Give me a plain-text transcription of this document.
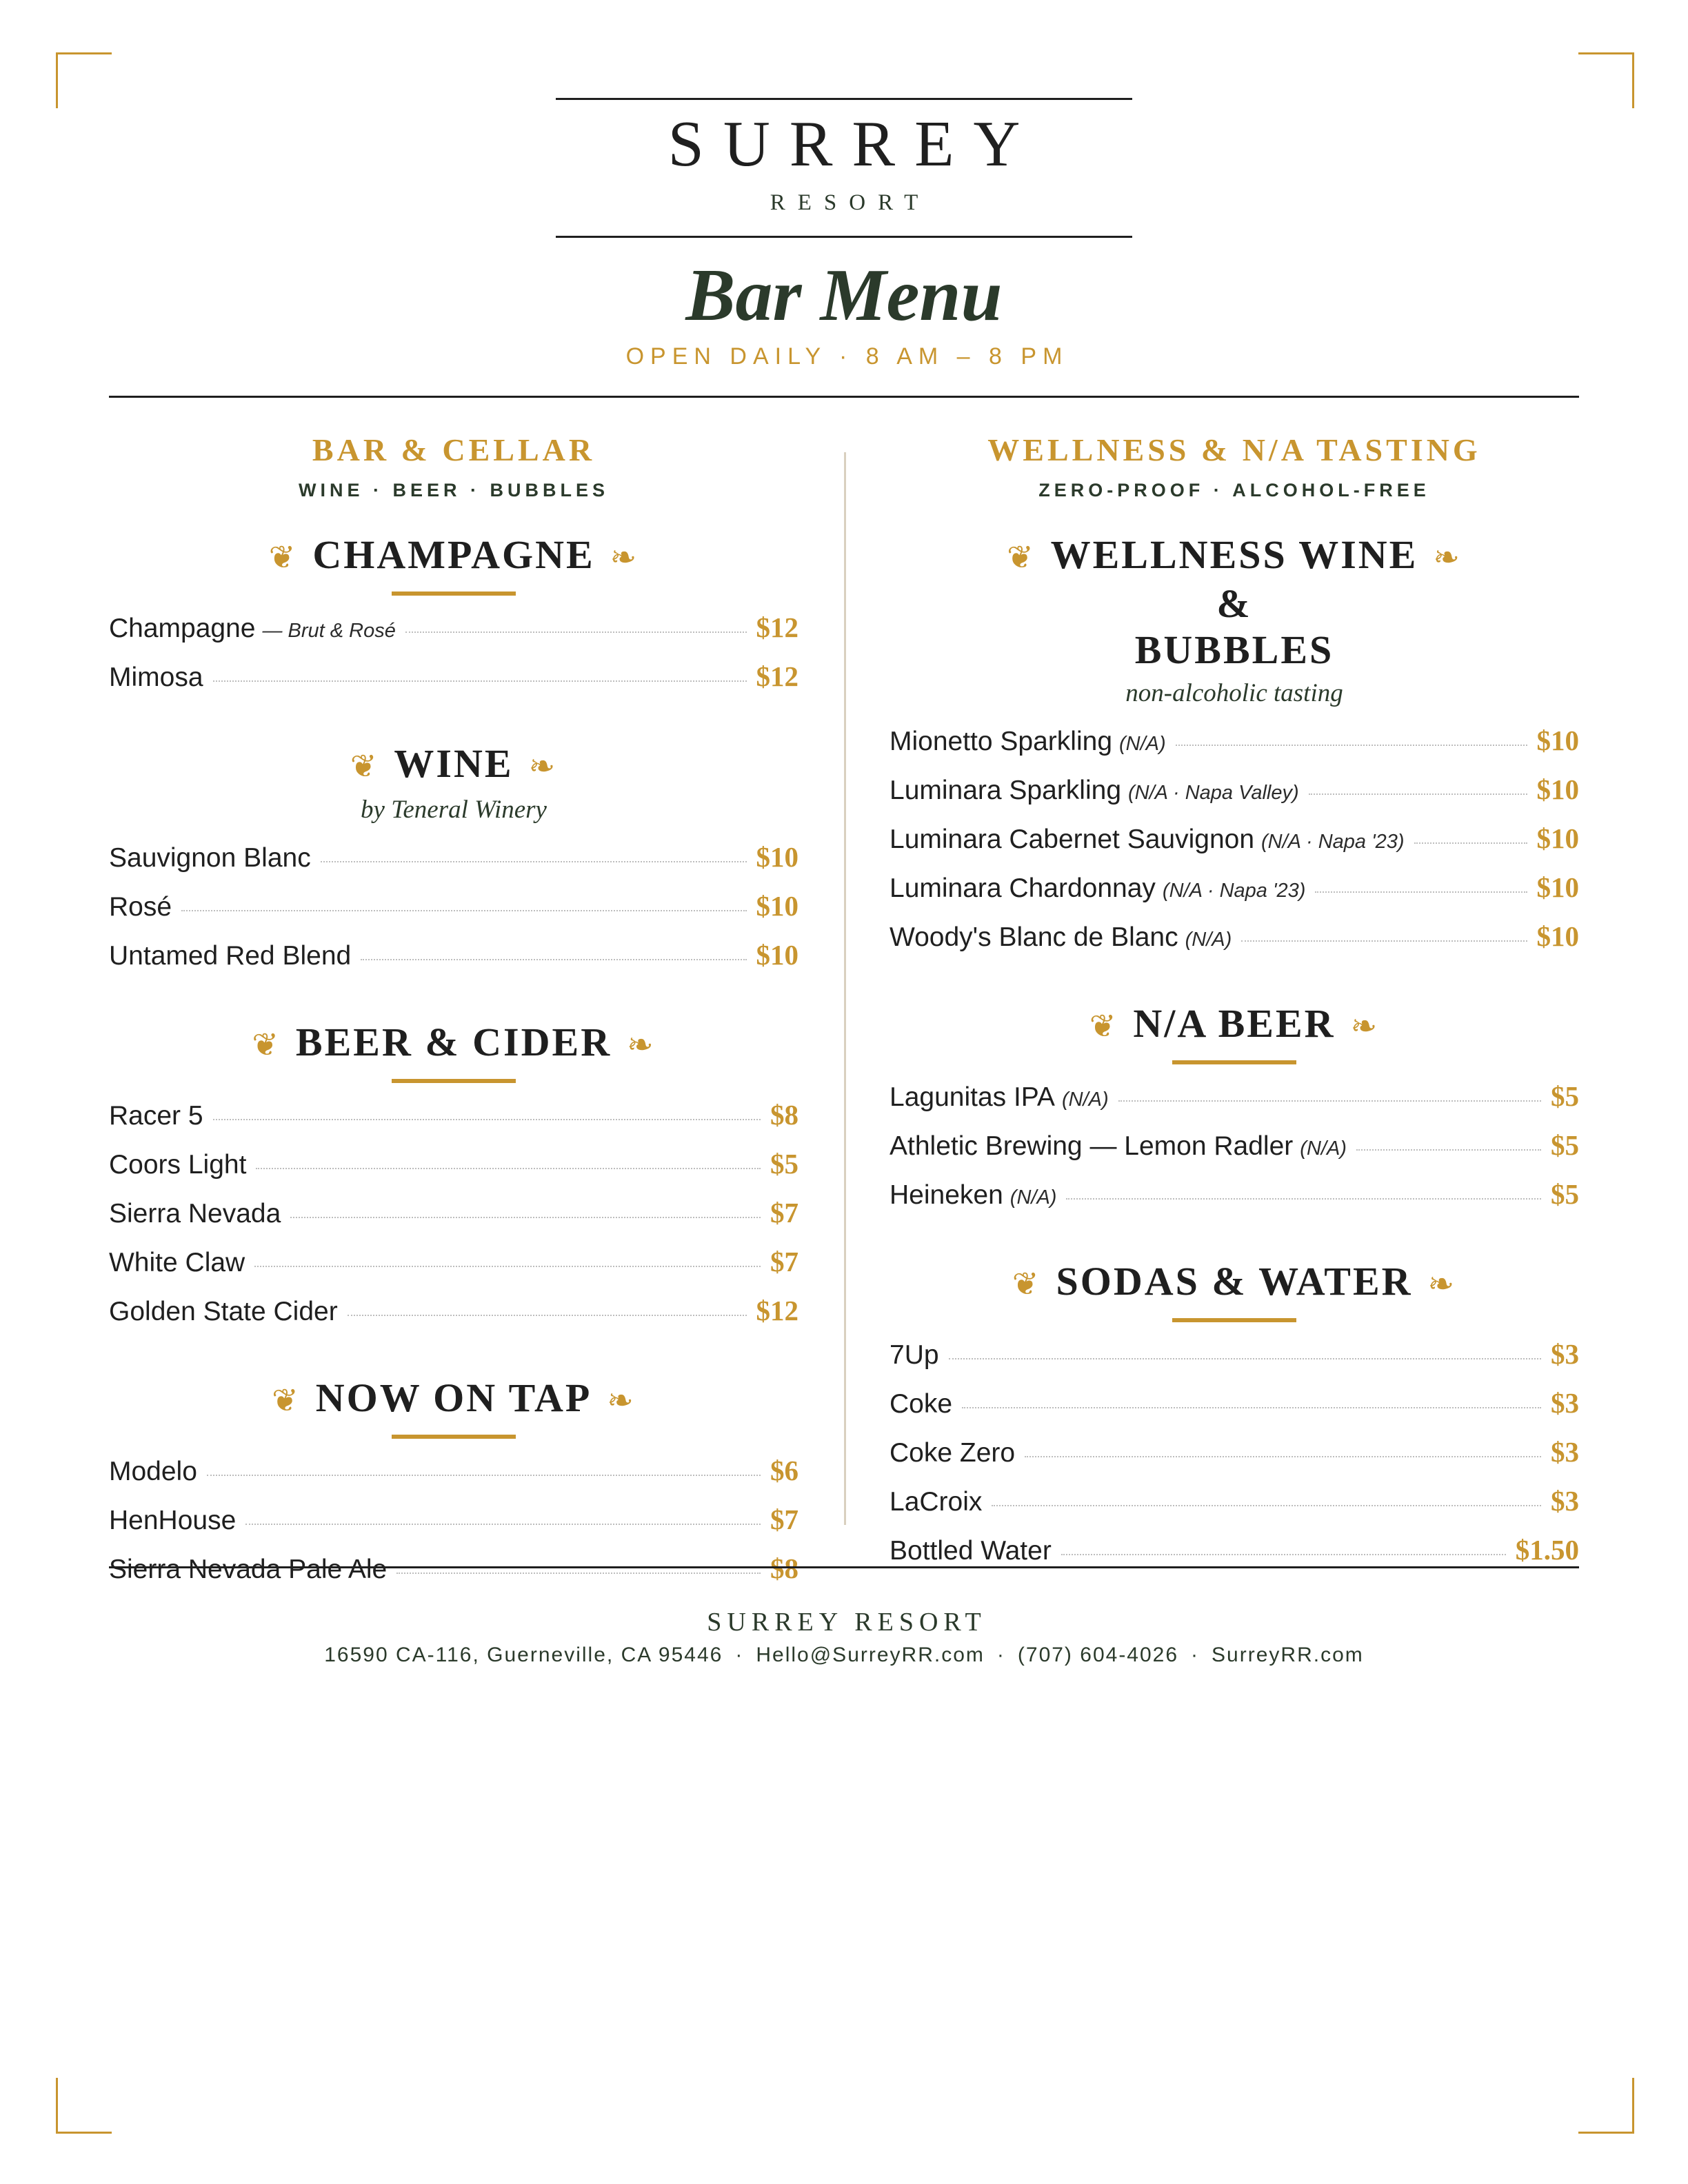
SURREY
RESORT
Bar Menu
OPEN DAILY · 8 AM – 8 PM
BAR & CELLAR
WINE · BEER · BUBBLES
❦ CHAMPAGNE ❧
Champagne — Brut & Rosé	$12
Mimosa	$12
❦ WINE ❧
by Teneral Winery
Sauvignon Blanc	$10
Rosé	$10
Untamed Red Blend	$10
❦ BEER & CIDER ❧
Racer 5	$8
Coors Light	$5
Sierra Nevada	$7
White Claw	$7
Golden State Cider	$12
❦ NOW ON TAP ❧
Modelo	$6
HenHouse	$7
Sierra Nevada Pale Ale	$8
WELLNESS & N/A TASTING
ZERO-PROOF · ALCOHOL-FREE
❦ WELLNESS WINE ❧
&
BUBBLES
non-alcoholic tasting
Mionetto Sparkling (N/A)	$10
Luminara Sparkling (N/A · Napa Valley)	$10
Luminara Cabernet Sauvignon (N/A · Napa '23)	$10
Luminara Chardonnay (N/A · Napa '23)	$10
Woody's Blanc de Blanc (N/A)	$10
❦ N/A BEER ❧
Lagunitas IPA (N/A)	$5
Athletic Brewing — Lemon Radler (N/A)	$5
Heineken (N/A)	$5
❦ SODAS & WATER ❧
7Up	$3
Coke	$3
Coke Zero	$3
LaCroix	$3
Bottled Water	$1.50
SURREY RESORT
16590 CA-116, Guerneville, CA 95446 · Hello@SurreyRR.com · (707) 604-4026 · SurreyRR.com
